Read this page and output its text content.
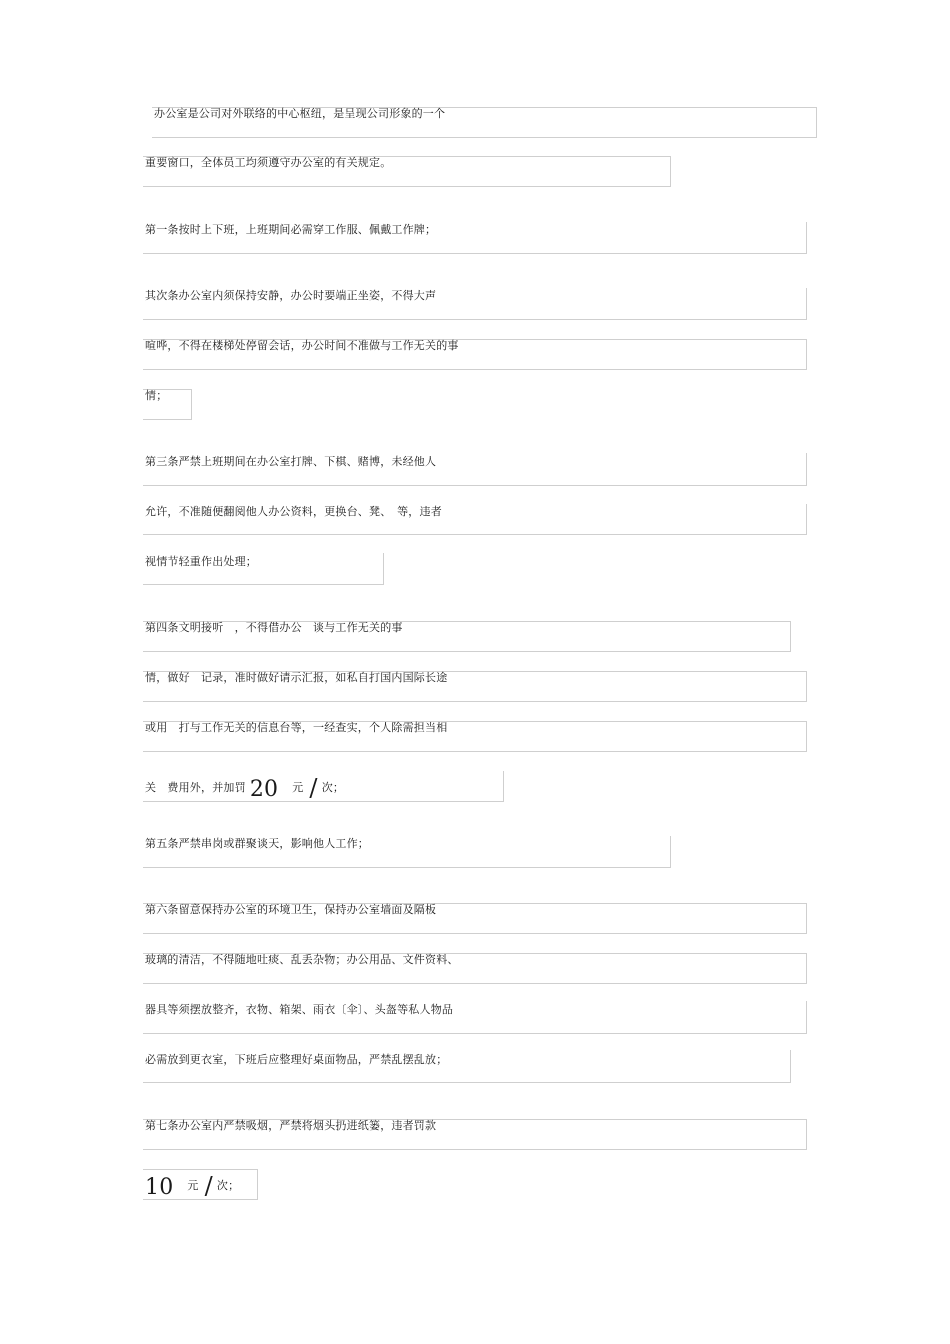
办公室是公司对外联络的中心枢纽，是呈现公司形象的一个
重要窗口，全体员工均须遵守办公室的有关规定。
第一条按时上下班，上班期间必需穿工作服、佩戴工作牌；
其次条办公室内须保持安静，办公时要端正坐姿，不得大声
喧哗，不得在楼梯处停留会话，办公时间不准做与工作无关的事
情；
第三条严禁上班期间在办公室打牌、下棋、赌博，未经他人
允许，不准随便翻阅他人办公资料，更换台、凳、　等，违者
视情节轻重作出处理；
第四条文明接听　，不得借办公　谈与工作无关的事
情，做好　记录，准时做好请示汇报，如私自打国内国际长途
或用　打与工作无关的信息台等，一经查实，个人除需担当相
关　费用外，并加罚 20 元 / 次；
第五条严禁串岗或群聚谈天，影响他人工作；
第六条留意保持办公室的环境卫生，保持办公室墙面及隔板
玻璃的清洁，不得随地吐痰、乱丢杂物；办公用品、文件资料、
器具等须摆放整齐，衣物、箱架、雨衣〔伞〕、头盔等私人物品
必需放到更衣室，下班后应整理好桌面物品，严禁乱摆乱放；
第七条办公室内严禁吸烟，严禁将烟头扔进纸篓，违者罚款
10 元 / 次；
